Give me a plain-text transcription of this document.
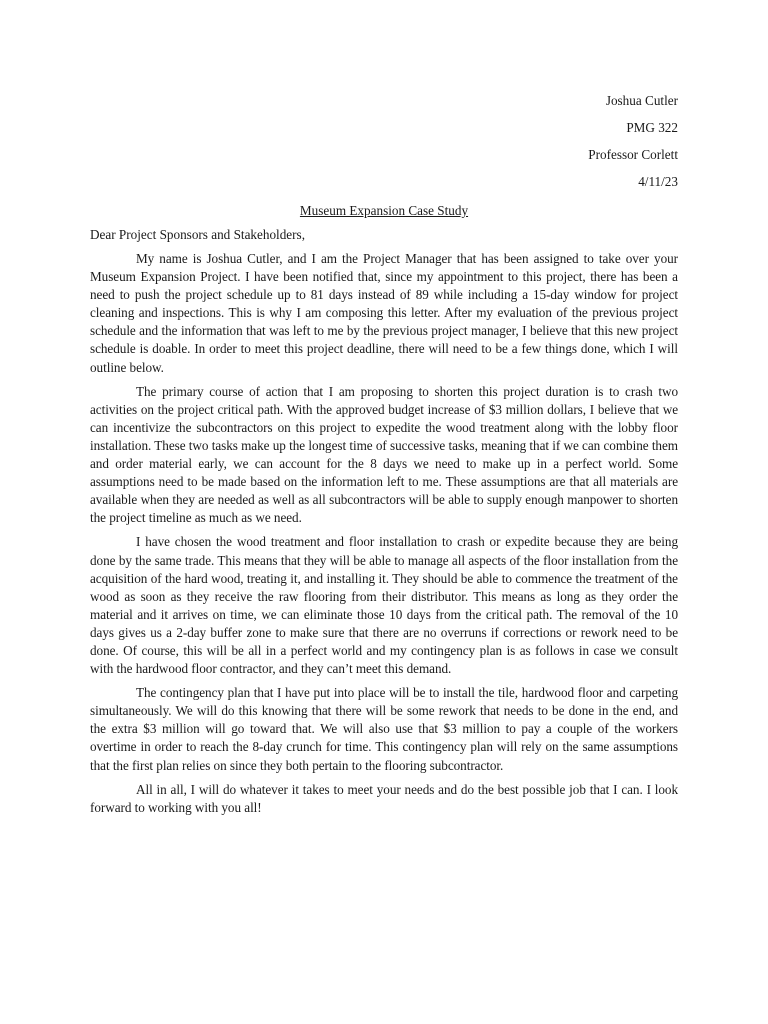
Joshua Cutler
PMG 322
Professor Corlett
4/11/23
Museum Expansion Case Study
Dear Project Sponsors and Stakeholders,

My name is Joshua Cutler, and I am the Project Manager that has been assigned to take over your Museum Expansion Project. I have been notified that, since my appointment to this project, there has been a need to push the project schedule up to 81 days instead of 89 while including a 15-day window for project cleaning and inspections. This is why I am composing this letter. After my evaluation of the previous project schedule and the information that was left to me by the previous project manager, I believe that this new project schedule is doable. In order to meet this project deadline, there will need to be a few things done, which I will outline below.

The primary course of action that I am proposing to shorten this project duration is to crash two activities on the project critical path. With the approved budget increase of $3 million dollars, I believe that we can incentivize the subcontractors on this project to expedite the wood treatment along with the lobby floor installation. These two tasks make up the longest time of successive tasks, meaning that if we can combine them and order material early, we can account for the 8 days we need to make up in a perfect world. Some assumptions need to be made based on the information left to me. These assumptions are that all materials are available when they are needed as well as all subcontractors will be able to supply enough manpower to shorten the project timeline as much as we need.

I have chosen the wood treatment and floor installation to crash or expedite because they are being done by the same trade. This means that they will be able to manage all aspects of the floor installation from the acquisition of the hard wood, treating it, and installing it. They should be able to commence the treatment of the wood as soon as they receive the raw flooring from their distributor. This means as long as they order the material and it arrives on time, we can eliminate those 10 days from the critical path. The removal of the 10 days gives us a 2-day buffer zone to make sure that there are no overruns if corrections or rework need to be done. Of course, this will be all in a perfect world and my contingency plan is as follows in case we consult with the hardwood floor contractor, and they can’t meet this demand.

The contingency plan that I have put into place will be to install the tile, hardwood floor and carpeting simultaneously. We will do this knowing that there will be some rework that needs to be done in the end, and the extra $3 million will go toward that. We will also use that $3 million to pay a couple of the workers overtime in order to reach the 8-day crunch for time. This contingency plan will rely on the same assumptions that the first plan relies on since they both pertain to the flooring subcontractor.

All in all, I will do whatever it takes to meet your needs and do the best possible job that I can. I look forward to working with you all!
